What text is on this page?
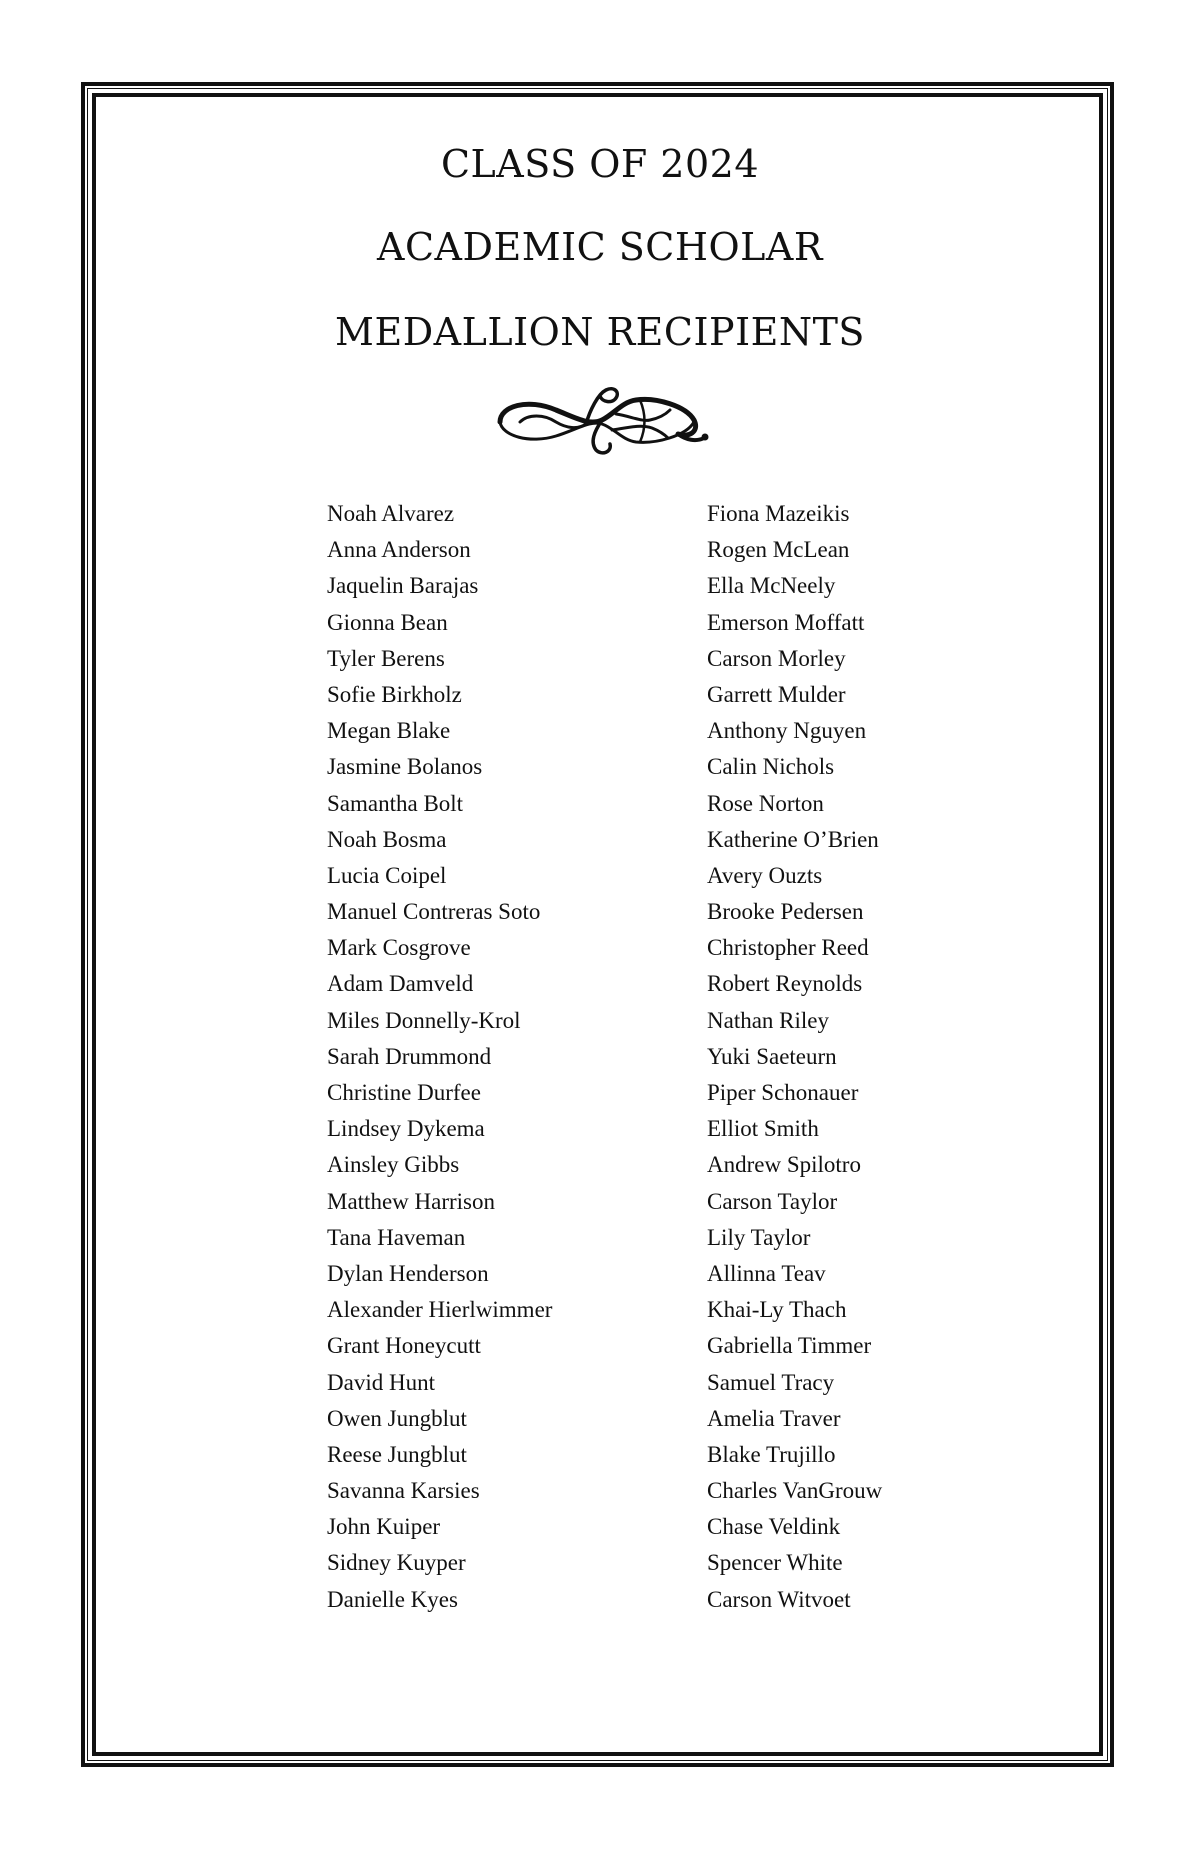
CLASS OF 2024
ACADEMIC SCHOLAR
MEDALLION RECIPIENTS
Noah Alvarez
Anna Anderson
Jaquelin Barajas
Gionna Bean
Tyler Berens
Sofie Birkholz
Megan Blake
Jasmine Bolanos
Samantha Bolt
Noah Bosma
Lucia Coipel
Manuel Contreras Soto
Mark Cosgrove
Adam Damveld
Miles Donnelly-Krol
Sarah Drummond
Christine Durfee
Lindsey Dykema
Ainsley Gibbs
Matthew Harrison
Tana Haveman
Dylan Henderson
Alexander Hierlwimmer
Grant Honeycutt
David Hunt
Owen Jungblut
Reese Jungblut
Savanna Karsies
John Kuiper
Sidney Kuyper
Danielle Kyes
Fiona Mazeikis
Rogen McLean
Ella McNeely
Emerson Moffatt
Carson Morley
Garrett Mulder
Anthony Nguyen
Calin Nichols
Rose Norton
Katherine O’Brien
Avery Ouzts
Brooke Pedersen
Christopher Reed
Robert Reynolds
Nathan Riley
Yuki Saeteurn
Piper Schonauer
Elliot Smith
Andrew Spilotro
Carson Taylor
Lily Taylor
Allinna Teav
Khai-Ly Thach
Gabriella Timmer
Samuel Tracy
Amelia Traver
Blake Trujillo
Charles VanGrouw
Chase Veldink
Spencer White
Carson Witvoet
